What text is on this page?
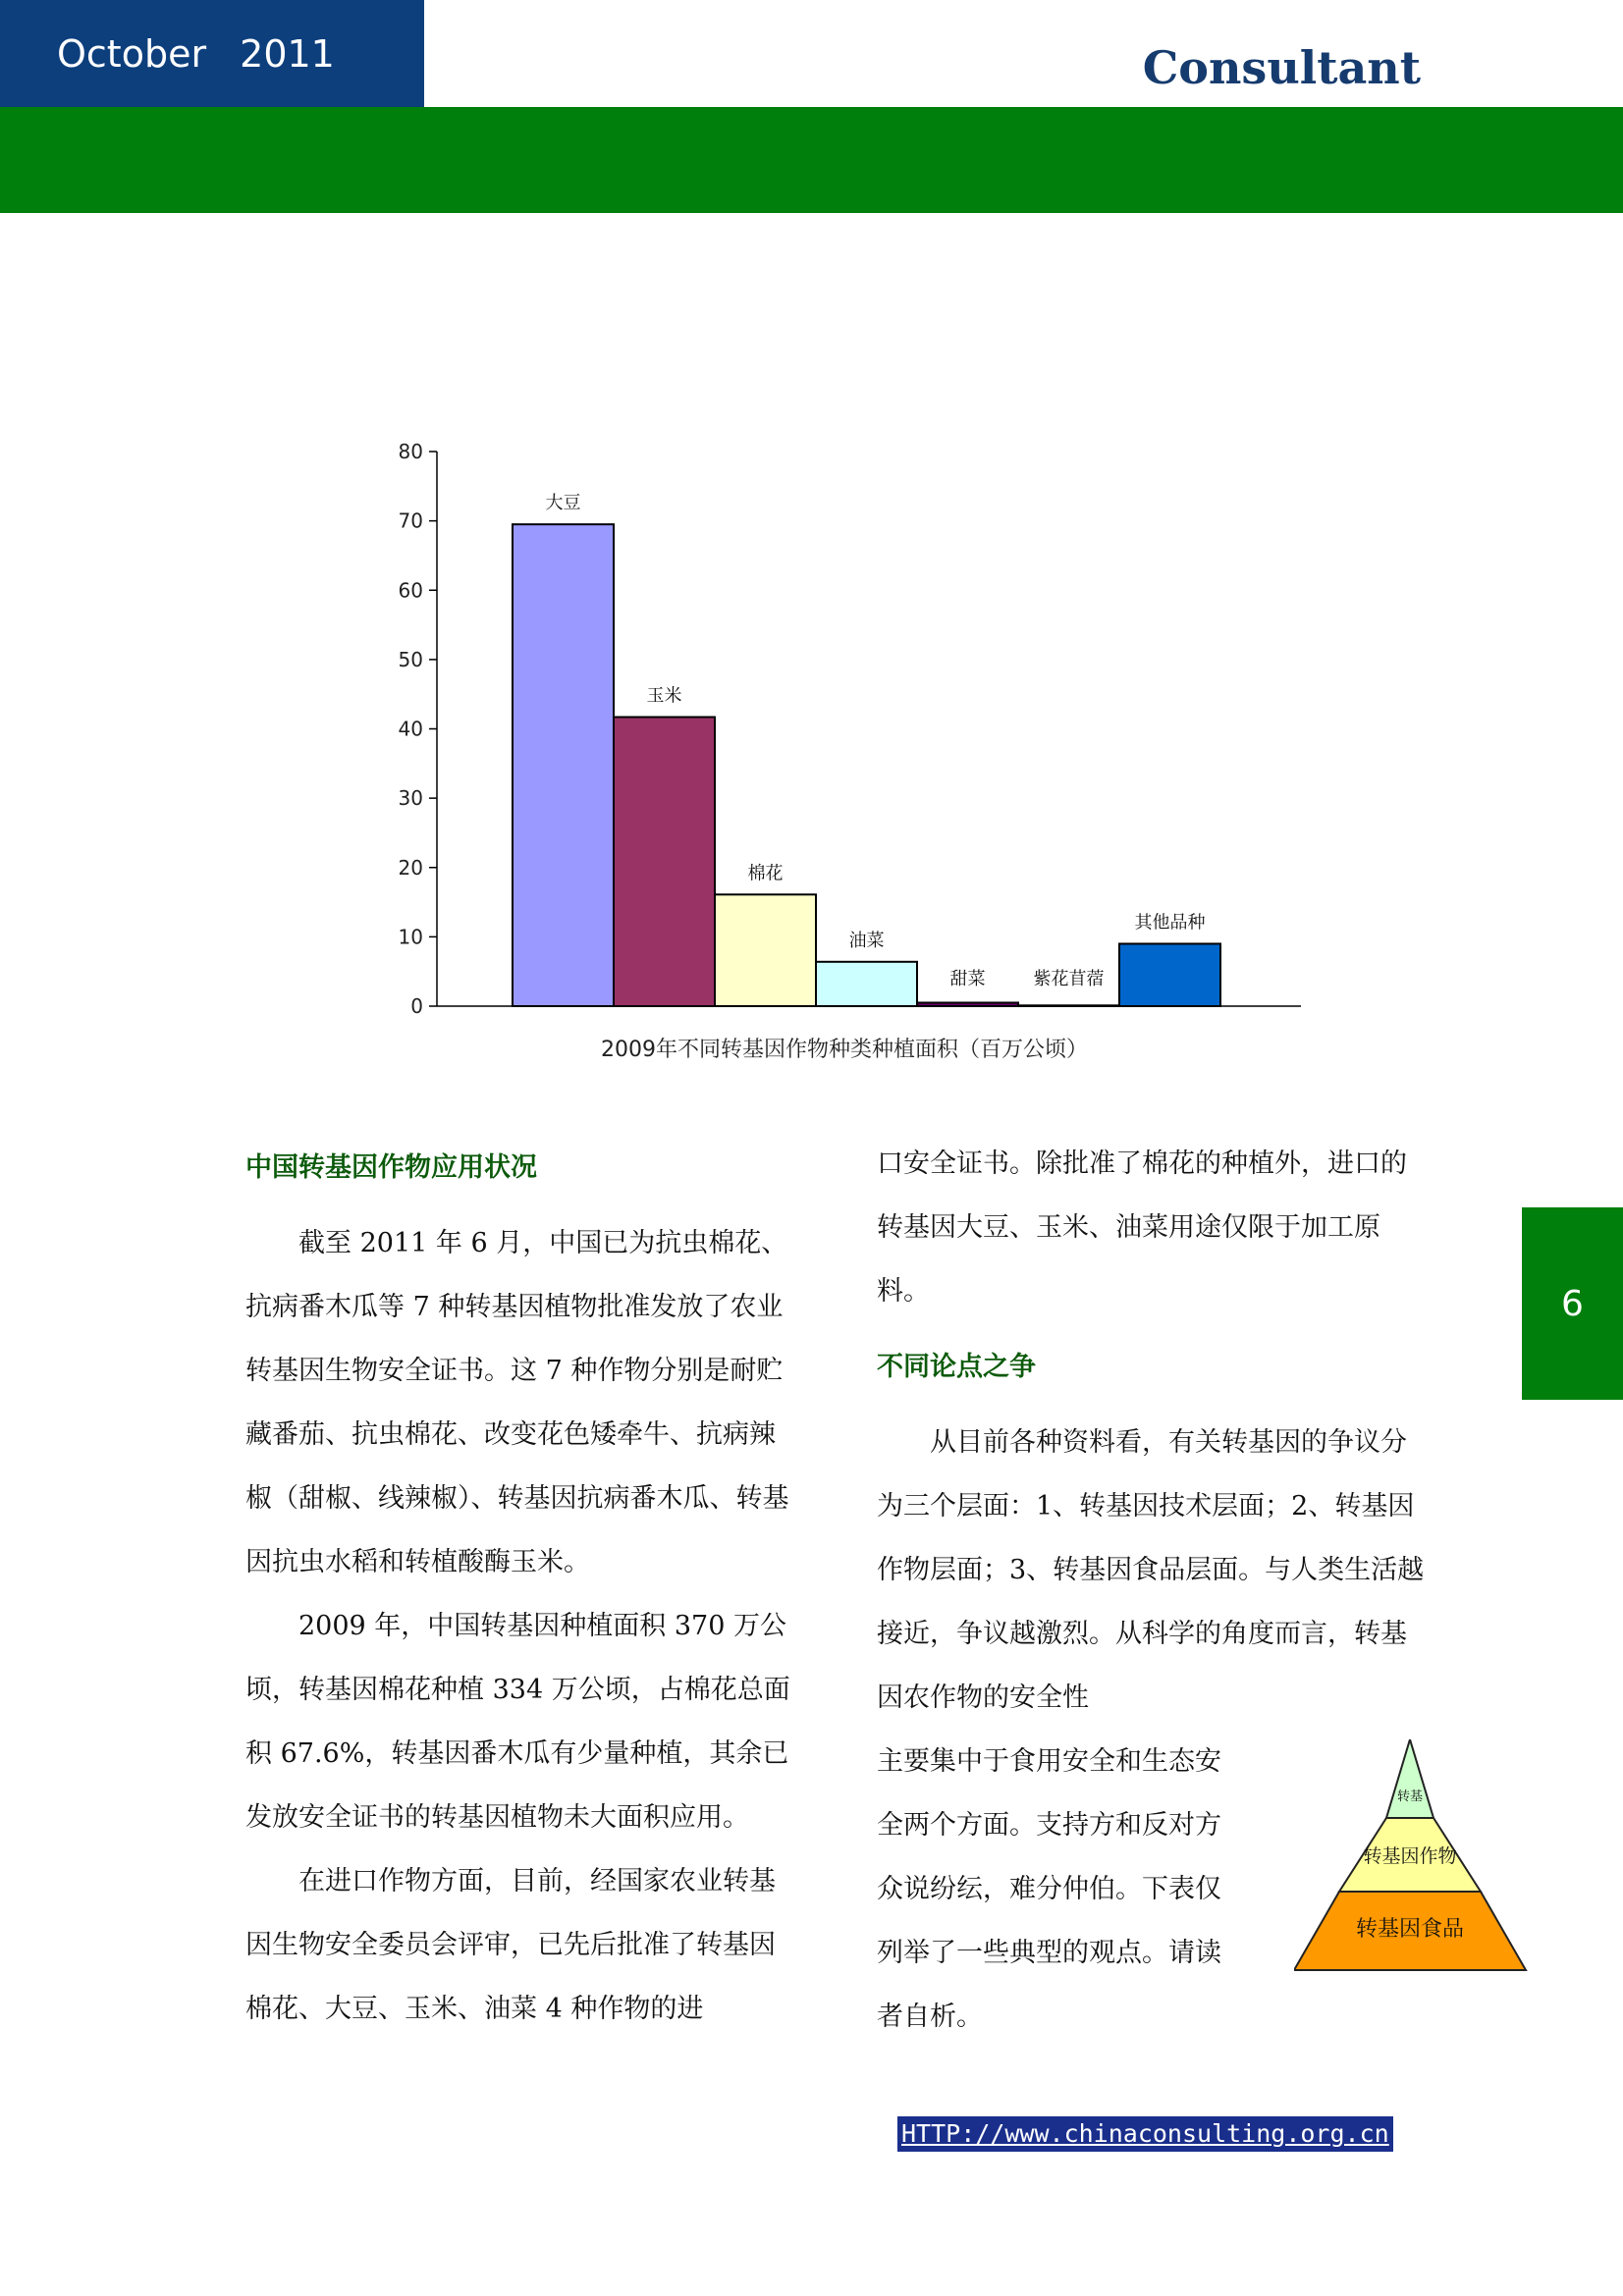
October 2011	Consultant
0
10
20
30
40
50
60
70
80
大豆
玉米
棉花
油菜
甜菜	紫花苜蓿
其他品种
2009年不同转基因作物种类种植面积（百万公顷）
6

中国转基因作物应用状况

截至 2011 年 6 月，中国已为抗虫棉花、抗病番木瓜等 7 种转基因植物批准发放了农业转基因生物安全证书。这 7 种作物分别是耐贮藏番茄、抗虫棉花、改变花色矮牵牛、抗病辣椒（甜椒、线辣椒）、转基因抗病番木瓜、转基因抗虫水稻和转植酸酶玉米。

2009 年，中国转基因种植面积 370 万公顷，转基因棉花种植 334 万公顷，占棉花总面积 67.6%，转基因番木瓜有少量种植，其余已发放安全证书的转基因植物未大面积应用。

在进口作物方面，目前，经国家农业转基因生物安全委员会评审，已先后批准了转基因棉花、大豆、玉米、油菜 4 种作物的进

口安全证书。除批准了棉花的种植外，进口的转基因大豆、玉米、油菜用途仅限于加工原料。

不同论点之争

从目前各种资料看，有关转基因的争议分为三个层面：1、转基因技术层面；2、转基因作物层面；3、转基因食品层面。与人类生活越接近，争议越激烈。从科学的角度而言，转基因农作物的安全性

主要集中于食用安全和生态安全两个方面。支持方和反对方众说纷纭，难分仲伯。下表仅列举了一些典型的观点。请读者自析。

转基
转基因作物
转基因食品
HTTP://www.chinaconsulting.org.cn
